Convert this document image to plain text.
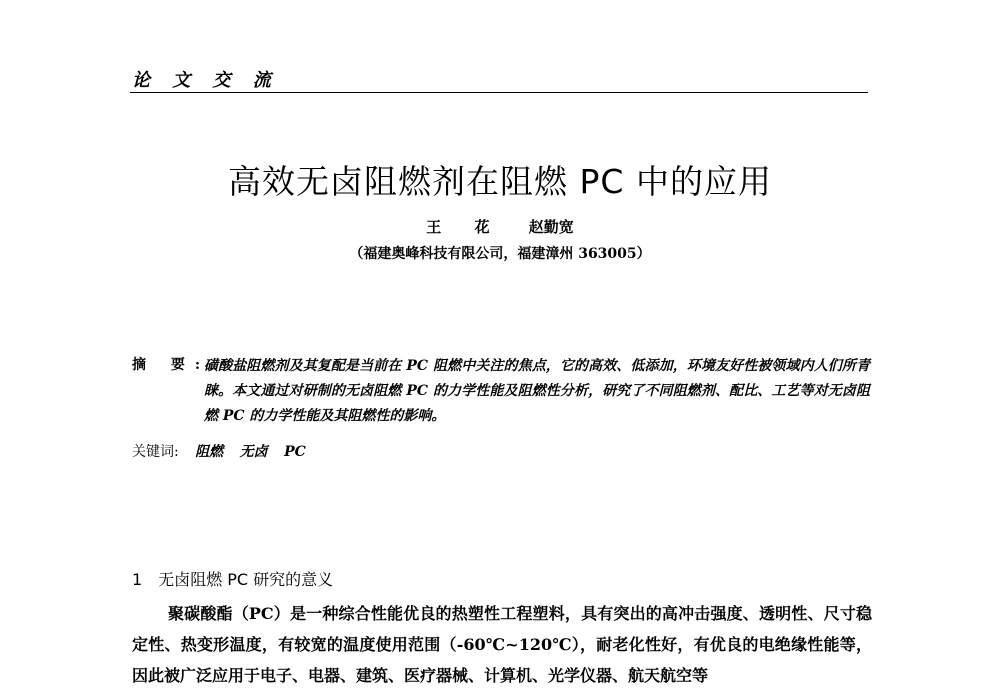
论 文 交 流
高效无卤阻燃剂在阻燃 PC 中的应用
王 花 赵勤宽
（福建奥峰科技有限公司，福建漳州 363005）
摘 要:
磺酸盐阻燃剂及其复配是当前在 PC 阻燃中关注的焦点，它的高效、低添加，环境友好性被领域内人们所青睐。本文通过对研制的无卤阻燃 PC 的力学性能及阻燃性分析，研究了不同阻燃剂、配比、工艺等对无卤阻燃 PC 的力学性能及其阻燃性的影响。
关键词: 阻燃 无卤 PC
1 无卤阻燃 PC 研究的意义
聚碳酸酯（PC）是一种综合性能优良的热塑性工程塑料，具有突出的高冲击强度、透明性、尺寸稳定性、热变形温度，有较宽的温度使用范围（-60℃~120℃），耐老化性好，有优良的电绝缘性能等，因此被广泛应用于电子、电器、建筑、医疗器械、计算机、光学仪器、航天航空等
